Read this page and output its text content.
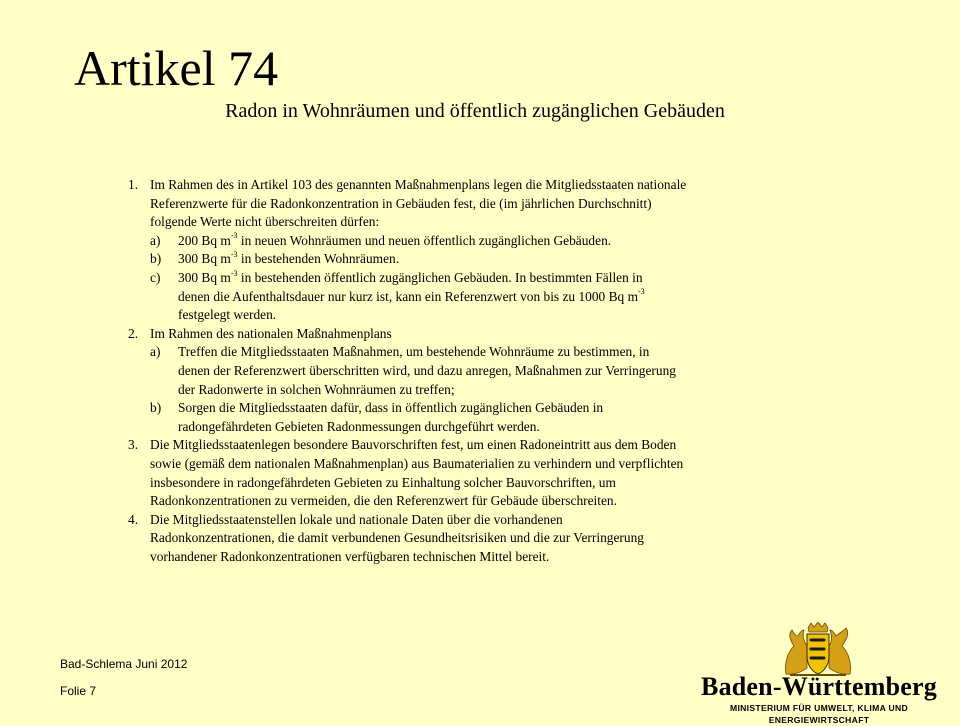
Artikel 74
Radon in Wohnräumen und öffentlich zugänglichen Gebäuden
1. Im Rahmen des in Artikel 103 des genannten Maßnahmenplans legen die Mitgliedsstaaten nationale
Referenzwerte für die Radonkonzentration in Gebäuden fest, die (im jährlichen Durchschnitt)
folgende Werte nicht überschreiten dürfen:
a) 200 Bq $m^{-3}$ in neuen Wohnräumen und neuen öffentlich zugänglichen Gebäuden.
b) 300 Bq $m^{-3}$ in bestehenden Wohnräumen.
c) 300 Bq $m^{-3}$ in bestehenden öffentlich zugänglichen Gebäuden. In bestimmten Fällen in
denen die Aufenthaltsdauer nur kurz ist, kann ein Referenzwert von bis zu 1000 Bq $m^{-3}$
festgelegt werden.
2. Im Rahmen des nationalen Maßnahmenplans
a) Treffen die Mitgliedsstaaten Maßnahmen, um bestehende Wohnräume zu bestimmen, in
denen der Referenzwert überschritten wird, und dazu anregen, Maßnahmen zur Verringerung
der Radonwerte in solchen Wohnräumen zu treffen;
b) Sorgen die Mitgliedsstaaten dafür, dass in öffentlich zugänglichen Gebäuden in
radongefährdeten Gebieten Radonmessungen durchgeführt werden.
3. Die Mitgliedsstaatenlegen besondere Bauvorschriften fest, um einen Radoneintritt aus dem Boden
sowie (gemäß dem nationalen Maßnahmenplan) aus Baumaterialien zu verhindern und verpflichten
insbesondere in radongefährdeten Gebieten zu Einhaltung solcher Bauvorschriften, um
Radonkonzentrationen zu vermeiden, die den Referenzwert für Gebäude überschreiten.
4. Die Mitgliedsstaatenstellen lokale und nationale Daten über die vorhandenen
Radonkonzentrationen, die damit verbundenen Gesundheitsrisiken und die zur Verringerung
vorhandener Radonkonzentrationen verfügbaren technischen Mittel bereit.
Bad-Schlema Juni 2012
Folie 7	Baden-Württemberg
MINISTERIUM FÜR UMWELT, KLIMA UND ENERGIEWIRTSCHAFT
